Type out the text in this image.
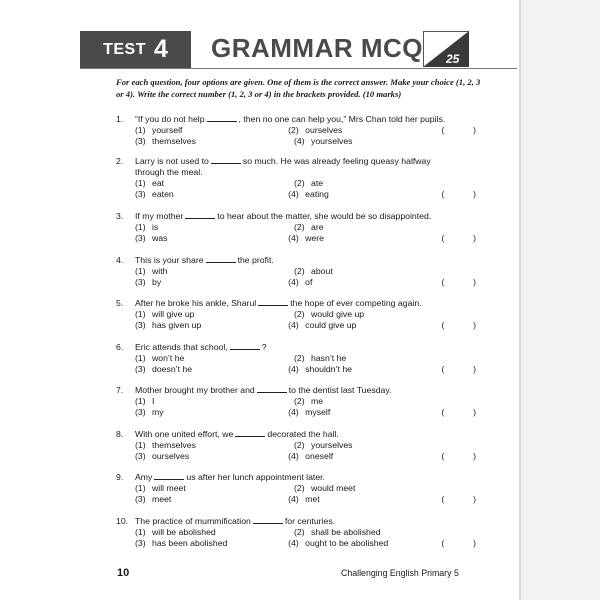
TEST 4 GRAMMAR MCQ 25
For each question, four options are given. One of them is the correct answer. Make your choice (1, 2, 3 or 4). Write the correct number (1, 2, 3 or 4) in the brackets provided. (10 marks)
1.	“If you do not help	, then no one can help you,” Mrs Chan told her pupils.
(1) yourself	(2) ourselves	(	)
(3) themselves	(4) yourselves
2.	Larry is not used to	so much. He was already feeling queasy halfway
through the meal.
(1) eat	(2) ate
(3) eaten	(4) eating	(	)
3.	If my mother	to hear about the matter, she would be so disappointed.
(1) is	(2) are
(3) was	(4) were	(	)
4.	This is your share	the profit.
(1) with	(2) about
(3) by	(4) of	(	)
5.	After he broke his ankle, Sharul	the hope of ever competing again.
(1) will give up	(2) would give up
(3) has given up	(4) could give up	(	)
6.	Eric attends that school,	?
(1) won’t he	(2) hasn’t he
(3) doesn’t he	(4) shouldn’t he	(	)
7.	Mother brought my brother and	to the dentist last Tuesday.
(1) I	(2) me
(3) my	(4) myself	(	)
8.	With one united effort, we	decorated the hall.
(1) themselves	(2) yourselves
(3) ourselves	(4) oneself	(	)
9.	Amy	us after her lunch appointment later.
(1) will meet	(2) would meet
(3) meet	(4) met	(	)
10. The practice of mummification	for centuries.
(1) will be abolished	(2) shall be abolished
(3) has been abolished	(4) ought to be abolished	(	)
10	Challenging English Primary 5
